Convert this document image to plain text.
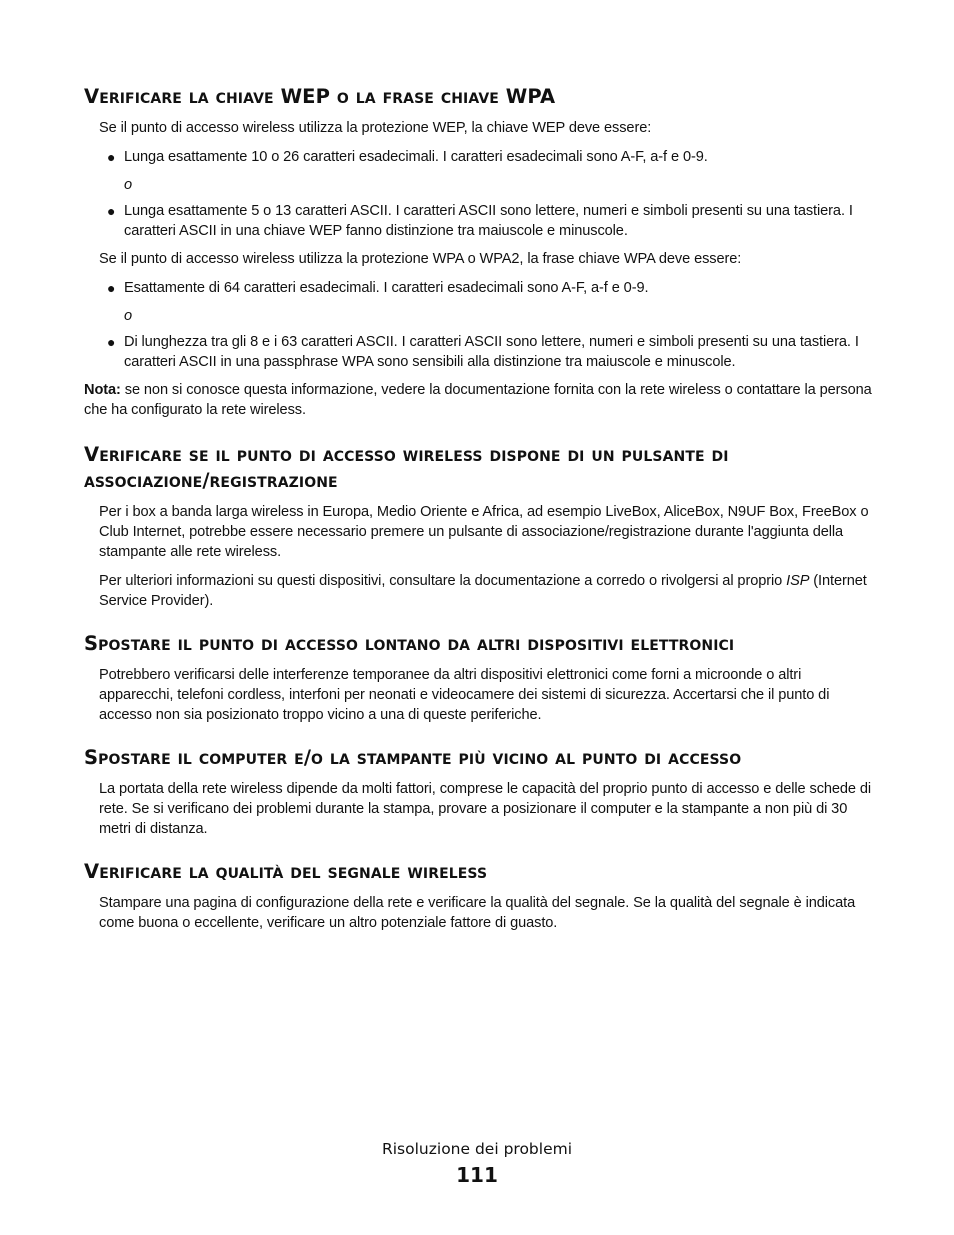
Verificare la chiave WEP o la frase chiave WPA

Se il punto di accesso wireless utilizza la protezione WEP, la chiave WEP deve essere:

● Lunga esattamente 10 o 26 caratteri esadecimali. I caratteri esadecimali sono A-F, a-f e 0-9.
o
● Lunga esattamente 5 o 13 caratteri ASCII. I caratteri ASCII sono lettere, numeri e simboli presenti su una tastiera. I caratteri ASCII in una chiave WEP fanno distinzione tra maiuscole e minuscole.

Se il punto di accesso wireless utilizza la protezione WPA o WPA2, la frase chiave WPA deve essere:

● Esattamente di 64 caratteri esadecimali. I caratteri esadecimali sono A-F, a-f e 0-9.
o
● Di lunghezza tra gli 8 e i 63 caratteri ASCII. I caratteri ASCII sono lettere, numeri e simboli presenti su una tastiera. I caratteri ASCII in una passphrase WPA sono sensibili alla distinzione tra maiuscole e minuscole.

Nota: se non si conosce questa informazione, vedere la documentazione fornita con la rete wireless o contattare la persona che ha configurato la rete wireless.

Verificare se il punto di accesso wireless dispone di un pulsante di associazione/registrazione

Per i box a banda larga wireless in Europa, Medio Oriente e Africa, ad esempio LiveBox, AliceBox, N9UF Box, FreeBox o Club Internet, potrebbe essere necessario premere un pulsante di associazione/registrazione durante l'aggiunta della stampante alle rete wireless.

Per ulteriori informazioni su questi dispositivi, consultare la documentazione a corredo o rivolgersi al proprio ISP (Internet Service Provider).

Spostare il punto di accesso lontano da altri dispositivi elettronici

Potrebbero verificarsi delle interferenze temporanee da altri dispositivi elettronici come forni a microonde o altri apparecchi, telefoni cordless, interfoni per neonati e videocamere dei sistemi di sicurezza. Accertarsi che il punto di accesso non sia posizionato troppo vicino a una di queste periferiche.

Spostare il computer e/o la stampante più vicino al punto di accesso

La portata della rete wireless dipende da molti fattori, comprese le capacità del proprio punto di accesso e delle schede di rete. Se si verificano dei problemi durante la stampa, provare a posizionare il computer e la stampante a non più di 30 metri di distanza.

Verificare la qualità del segnale wireless

Stampare una pagina di configurazione della rete e verificare la qualità del segnale. Se la qualità del segnale è indicata come buona o eccellente, verificare un altro potenziale fattore di guasto.

Risoluzione dei problemi
111
